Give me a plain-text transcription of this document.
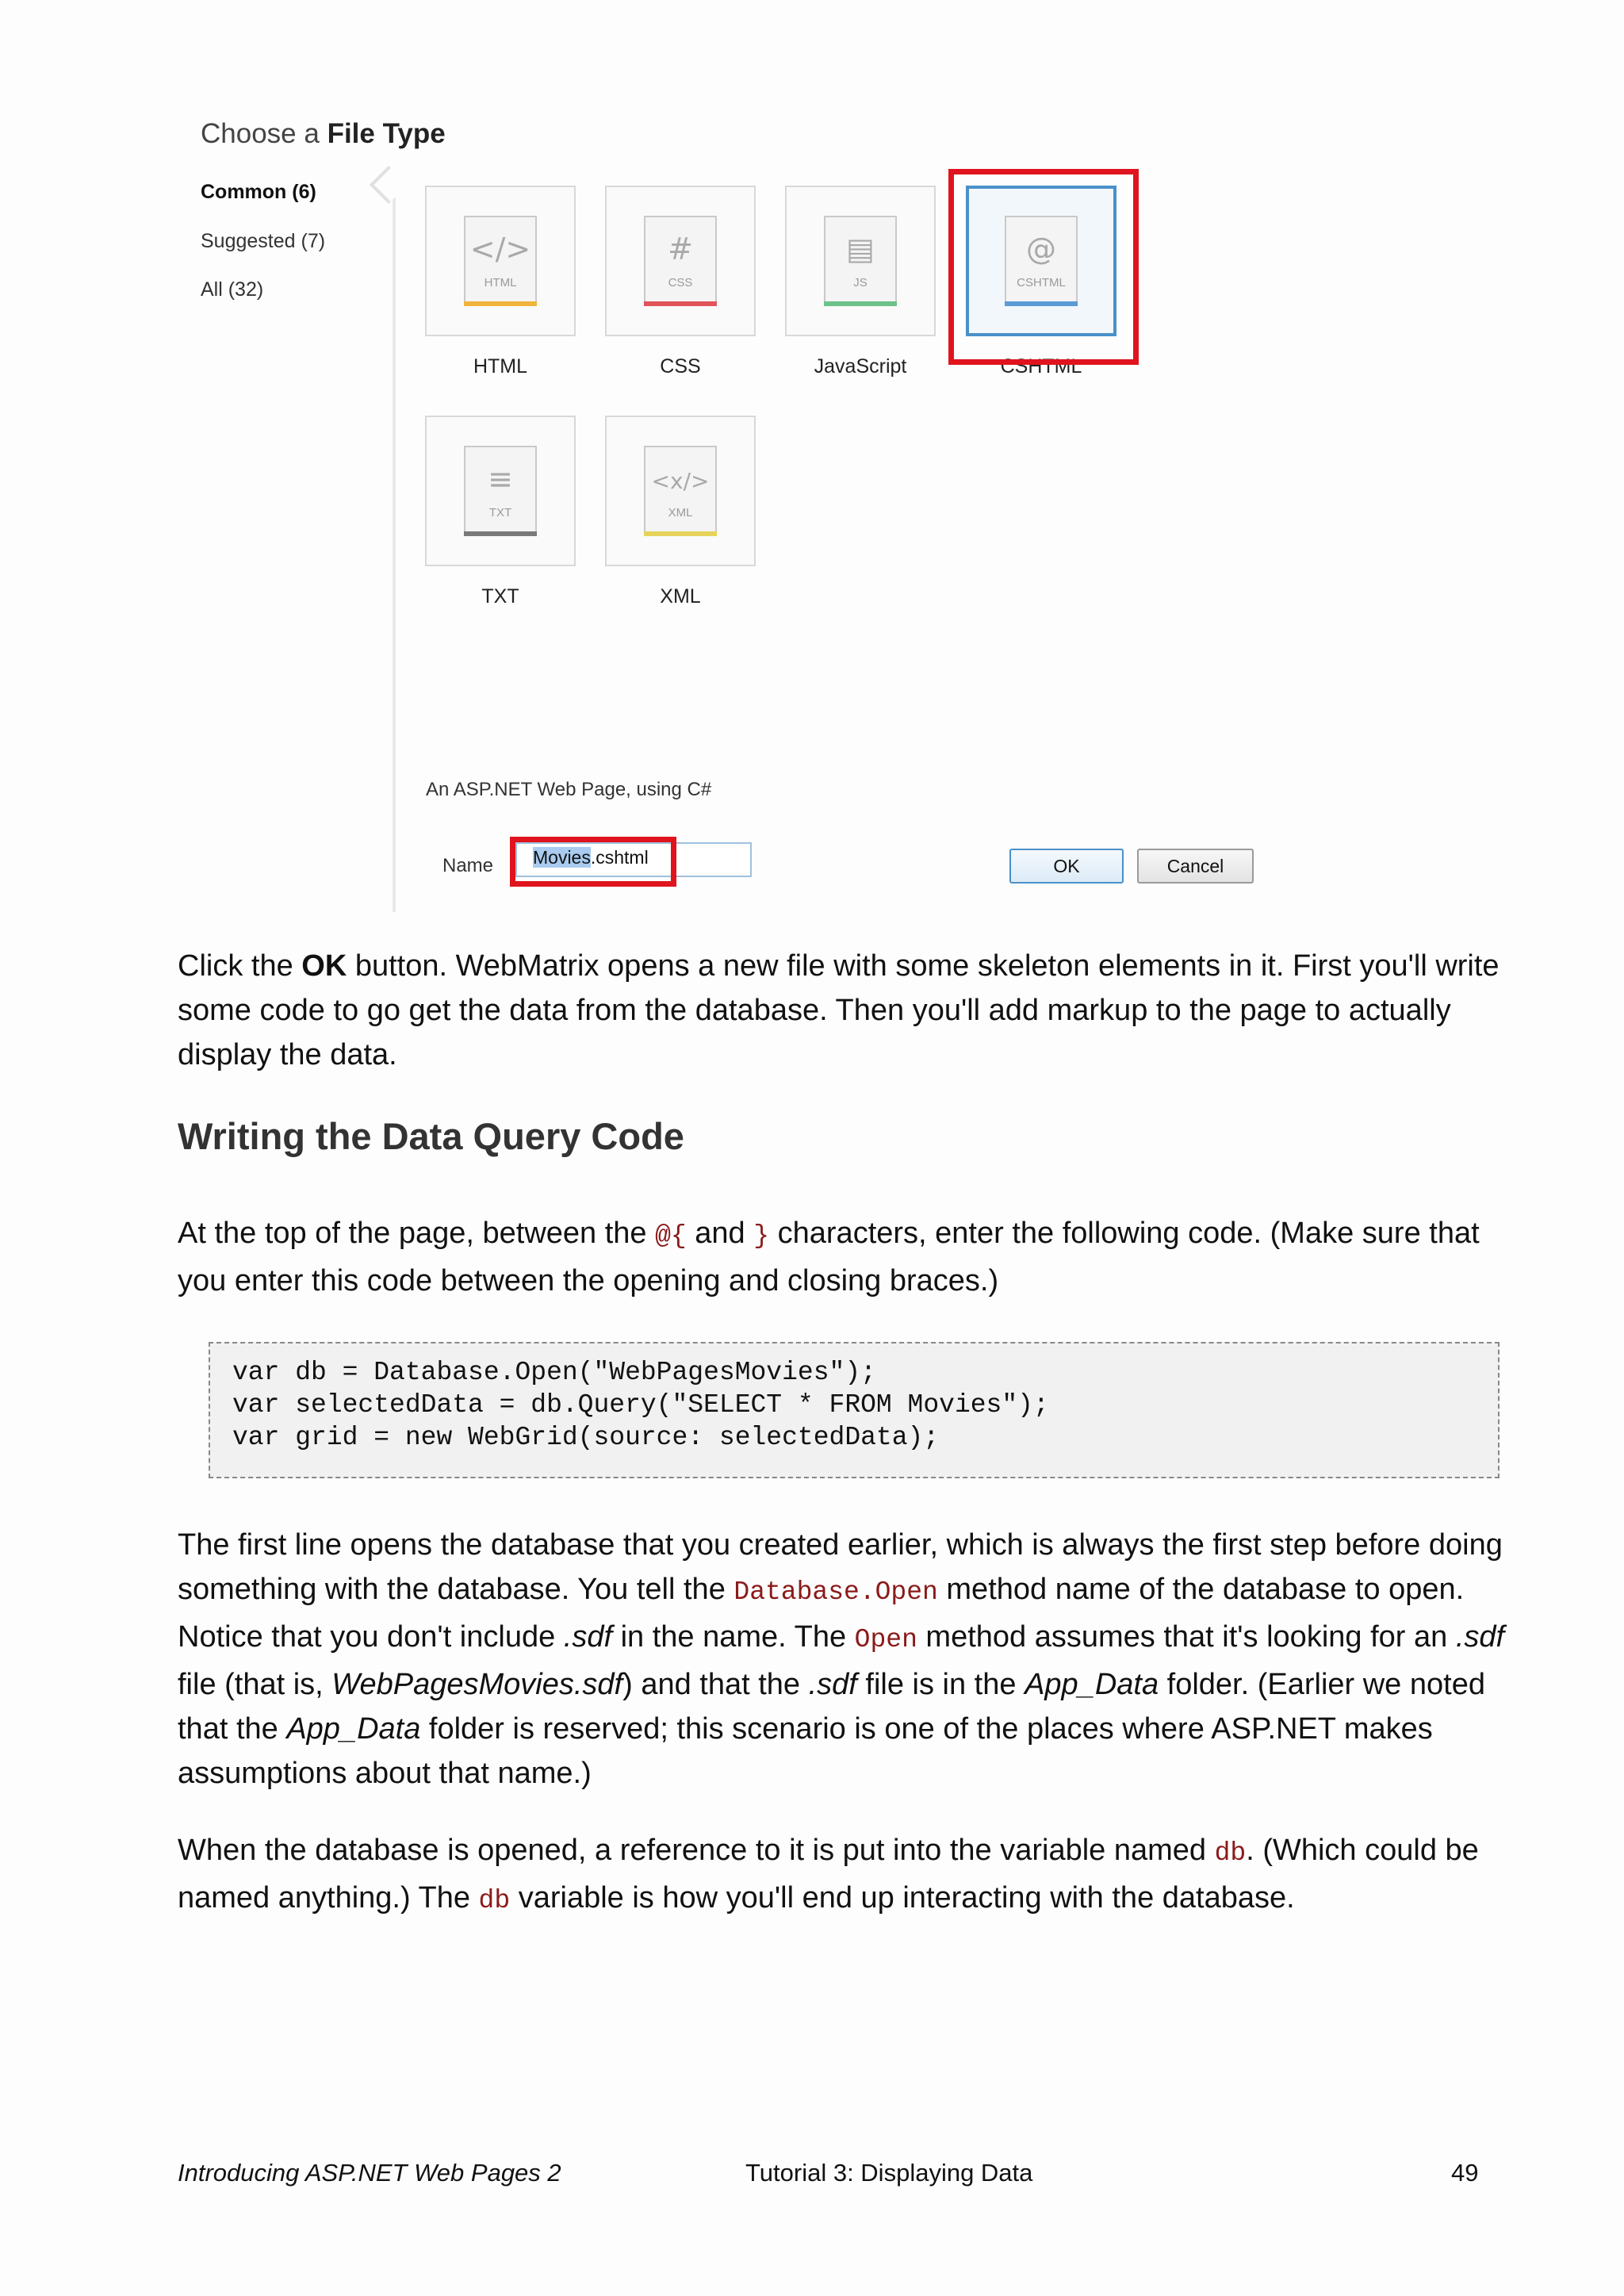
Choose a File Type
Common (6)
Suggested (7)
All (32)
</>
HTML
HTML
#
CSS
CSS
▤
JS
JavaScript
@
CSHTML
CSHTML
≡
TXT
TXT
<x/>
XML
XML
An ASP.NET Web Page, using C#
Name	Movies.cshtml	OK	Cancel

Click the OK button. WebMatrix opens a new file with some skeleton elements in it. First you'll write some code to go get the data from the database. Then you'll add markup to the page to actually display the data.

Writing the Data Query Code

At the top of the page, between the @{ and } characters, enter the following code. (Make sure that you enter this code between the opening and closing braces.)

var db = Database.Open("WebPagesMovies");
var selectedData = db.Query("SELECT * FROM Movies");
var grid = new WebGrid(source: selectedData);

The first line opens the database that you created earlier, which is always the first step before doing something with the database. You tell the Database.Open method name of the database to open. Notice that you don't include .sdf in the name. The Open method assumes that it's looking for an .sdf file (that is, WebPagesMovies.sdf) and that the .sdf file is in the App_Data folder. (Earlier we noted that the App_Data folder is reserved; this scenario is one of the places where ASP.NET makes assumptions about that name.)

When the database is opened, a reference to it is put into the variable named db. (Which could be named anything.) The db variable is how you'll end up interacting with the database.

Introducing ASP.NET Web Pages 2	Tutorial 3: Displaying Data	49
